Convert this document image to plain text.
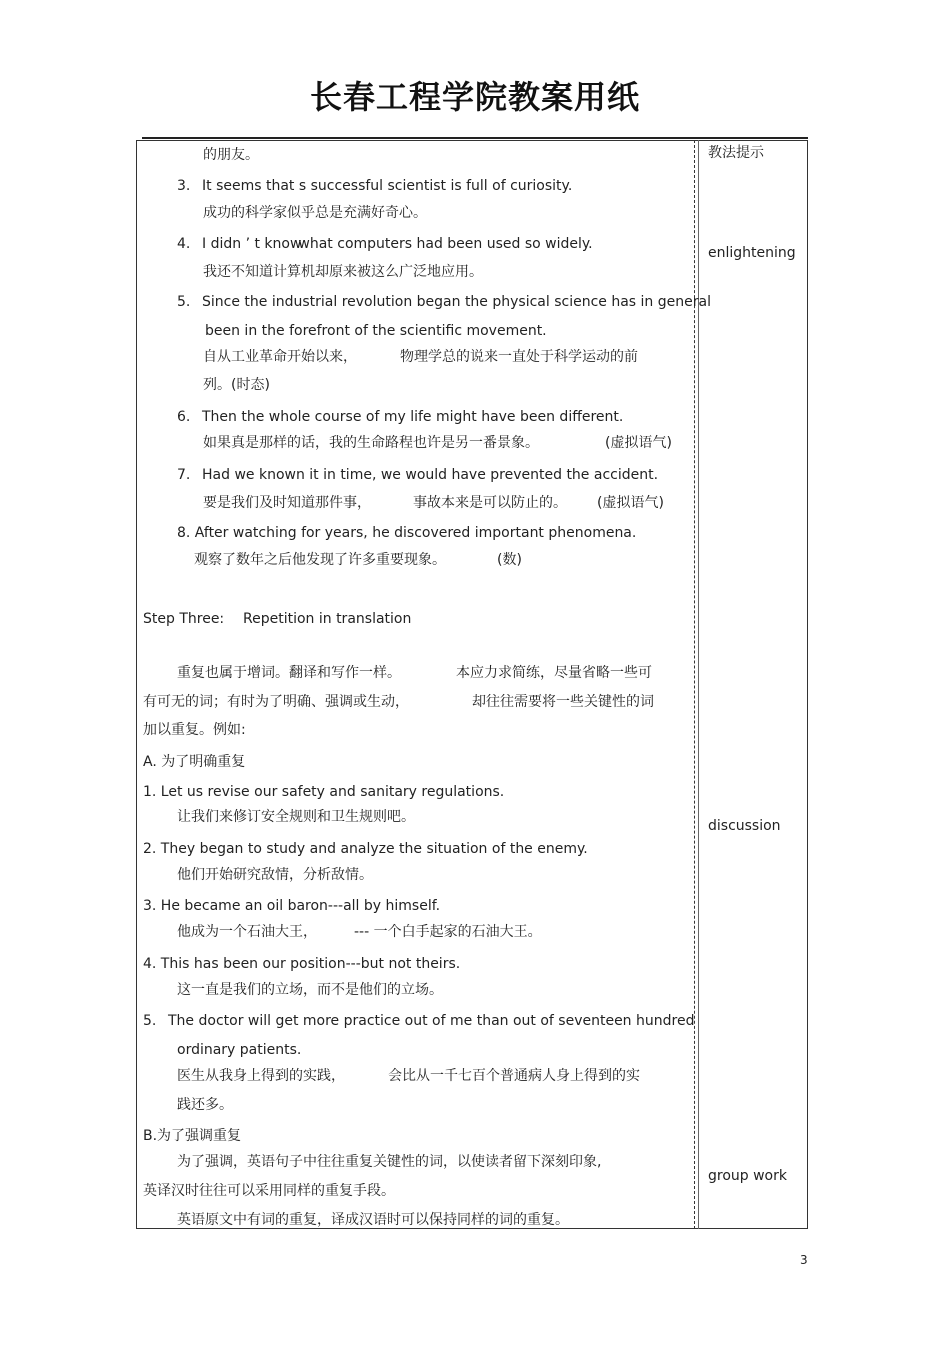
长春工程学院教案用纸
教法提示
enlightening
discussion
group work
的朋友。
3. It seems that s successful scientist is full of curiosity.
成功的科学家似乎总是充满好奇心。
4. I didn ’ t knowwhat computers had been used so widely.
我还不知道计算机却原来被这么广泛地应用。
5. Since the industrial revolution began the physical science has in general
been in the forefront of the scientific movement.
自从工业革命开始以来，	物理学总的说来一直处于科学运动的前
列。(时态)
6. Then the whole course of my life might have been different.
如果真是那样的话，我的生命路程也许是另一番景象。	(虚拟语气)
7. Had we known it in time, we would have prevented the accident.
要是我们及时知道那件事，	事故本来是可以防止的。 (虚拟语气)
8. After watching for years, he discovered important phenomena.
观察了数年之后他发现了许多重要现象。	(数)
Step Three: Repetition in translation
重复也属于增词。翻译和写作一样。	本应力求简练，尽量省略一些可
有可无的词；有时为了明确、强调或生动，	却往往需要将一些关键性的词
加以重复。例如:
A. 为了明确重复
1. Let us revise our safety and sanitary regulations.
让我们来修订安全规则和卫生规则吧。
2. They began to study and analyze the situation of the enemy.
他们开始研究敌情，分析敌情。
3. He became an oil baron---all by himself.
他成为一个石油大王，	--- 一个白手起家的石油大王。
4. This has been our position---but not theirs.
这一直是我们的立场，而不是他们的立场。
5. The doctor will get more practice out of me than out of seventeen hundred
ordinary patients.
医生从我身上得到的实践，	会比从一千七百个普通病人身上得到的实
践还多。
B.为了强调重复
为了强调，英语句子中往往重复关键性的词，以使读者留下深刻印象,
英译汉时往往可以采用同样的重复手段。
英语原文中有词的重复，译成汉语时可以保持同样的词的重复。
3
